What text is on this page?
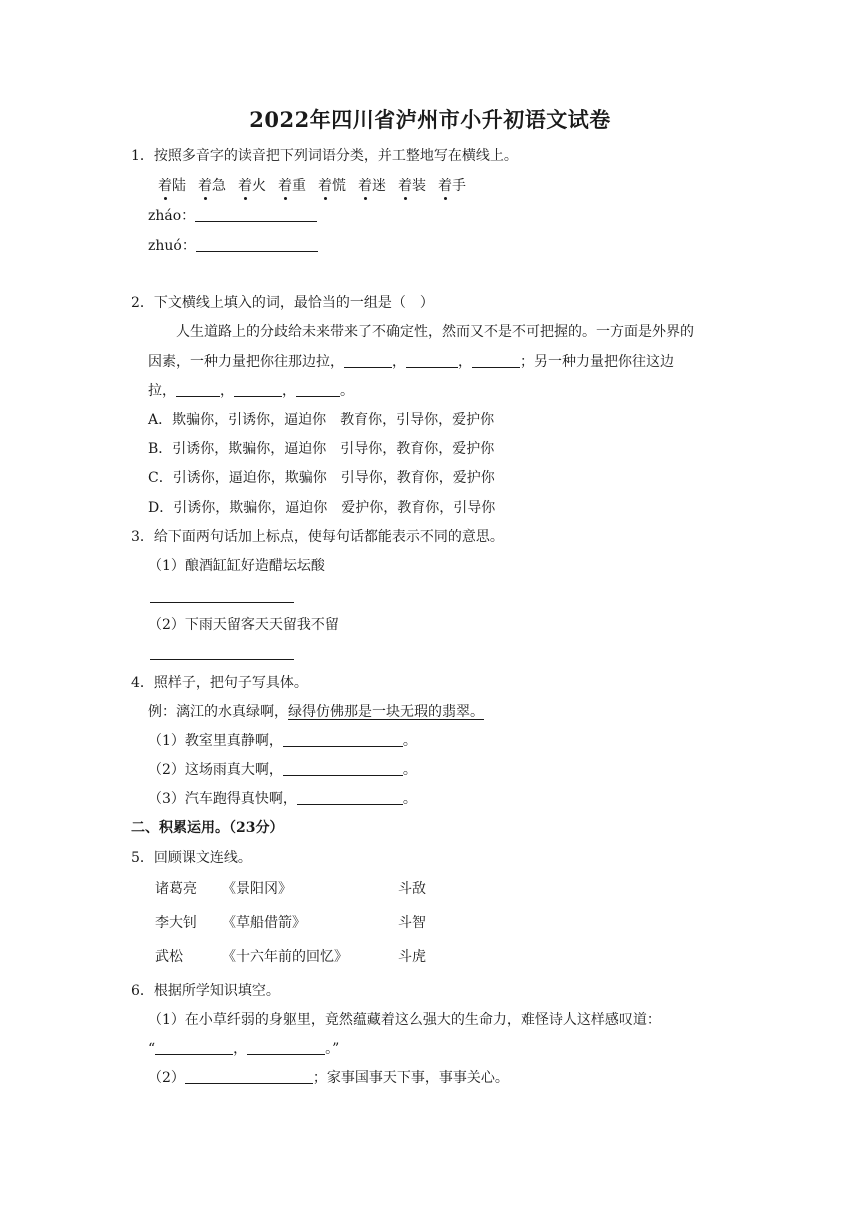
2022年四川省泸州市小升初语文试卷
1．按照多音字的读音把下列词语分类，并工整地写在横线上。
着陆 着急 着火 着重 着慌 着迷 着装 着手
zháo：
zhuó：
2．下文横线上填入的词，最恰当的一组是（　）
人生道路上的分歧给未来带来了不确定性，然而又不是不可把握的。一方面是外界的
因素，一种力量把你往那边拉，	，	，	；另一种力量把你往这边
拉，	，	，	。
A．欺骗你，引诱你，逼迫你　教育你，引导你，爱护你
B．引诱你，欺骗你，逼迫你　引导你，教育你，爱护你
C．引诱你，逼迫你，欺骗你　引导你，教育你，爱护你
D．引诱你，欺骗你，逼迫你　爱护你，教育你，引导你
3．给下面两句话加上标点，使每句话都能表示不同的意思。
（1）酿酒缸缸好造醋坛坛酸
（2）下雨天留客天天留我不留
4．照样子，把句子写具体。
例：漓江的水真绿啊，绿得仿佛那是一块无瑕的翡翠。
（1）教室里真静啊，	。
（2）这场雨真大啊，	。
（3）汽车跑得真快啊，	。
二、积累运用。（23分）
5．回顾课文连线。
诸葛亮 《景阳冈》	斗敌
李大钊 《草船借箭》	斗智
武松	《十六年前的回忆》	斗虎
6．根据所学知识填空。
（1）在小草纤弱的身躯里，竟然蕴藏着这么强大的生命力，难怪诗人这样感叹道：
“	，	。”
（2）	；家事国事天下事，事事关心。
